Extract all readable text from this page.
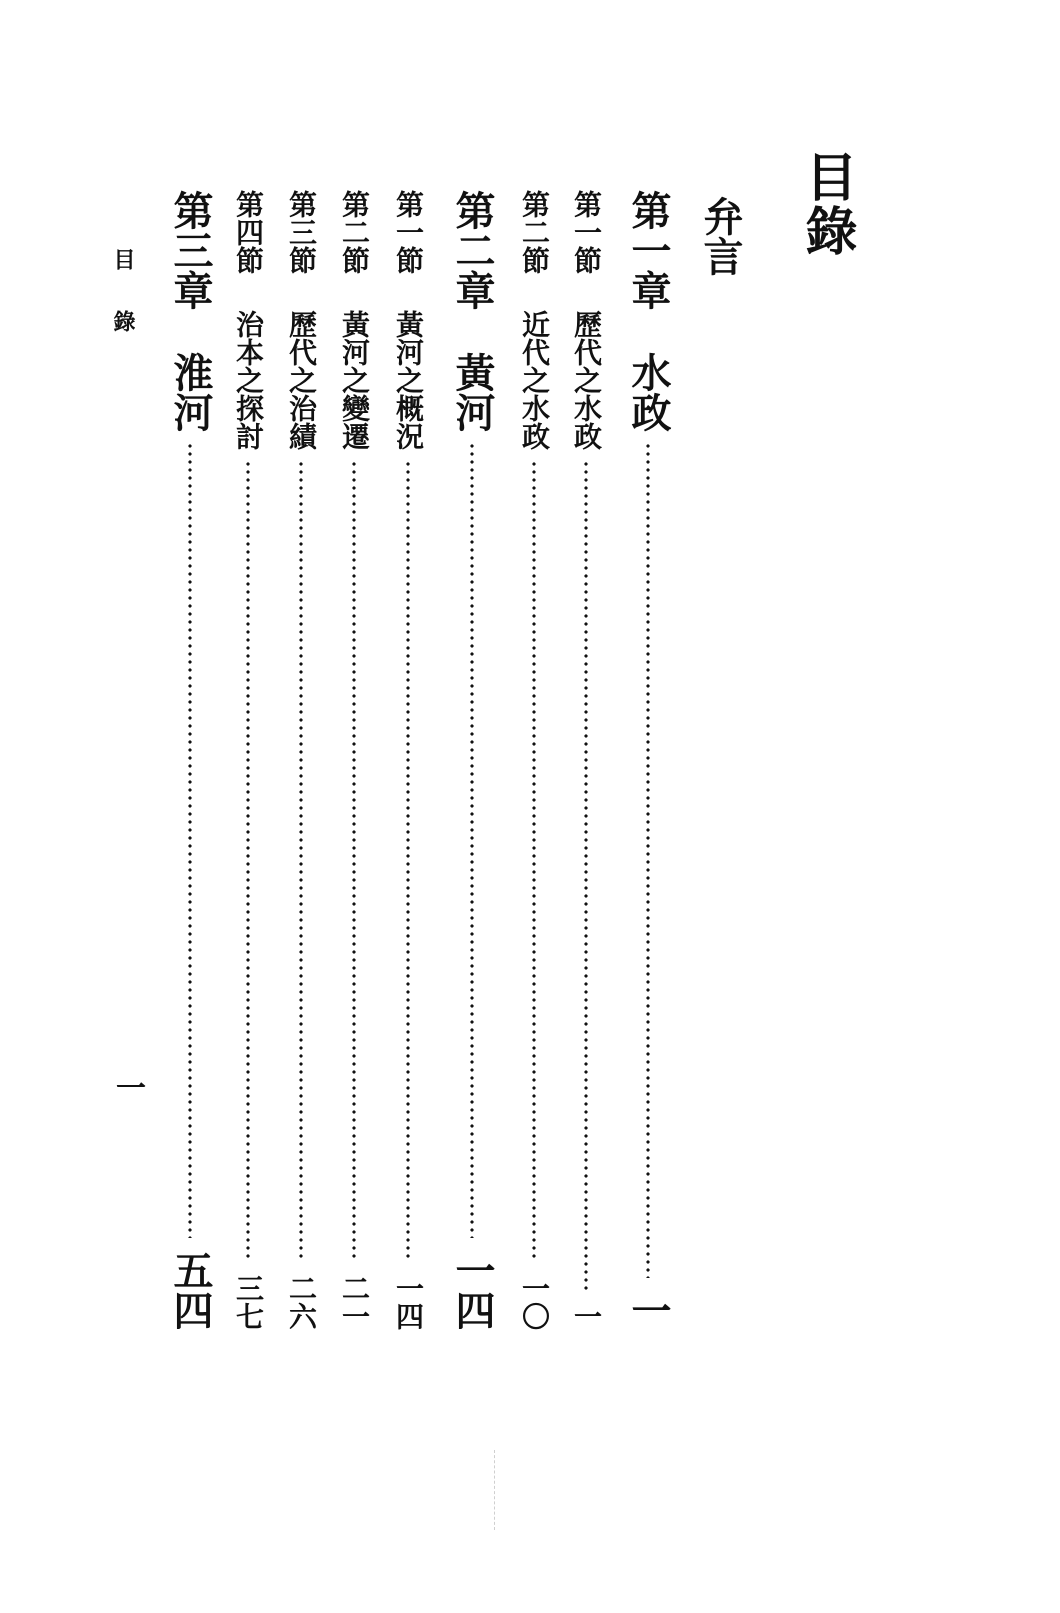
目錄
弁言
第一章
水政
一
第一節
歷代之水政
一
第二節
近代之水政
一〇
第二章
黃河
一四
第一節
黃河之概況
一四
第二節
黃河之變遷
二一
第三節
歷代之治績
二六
第四節
治本之探討
三七
第三章
淮河
五四
目錄
一
